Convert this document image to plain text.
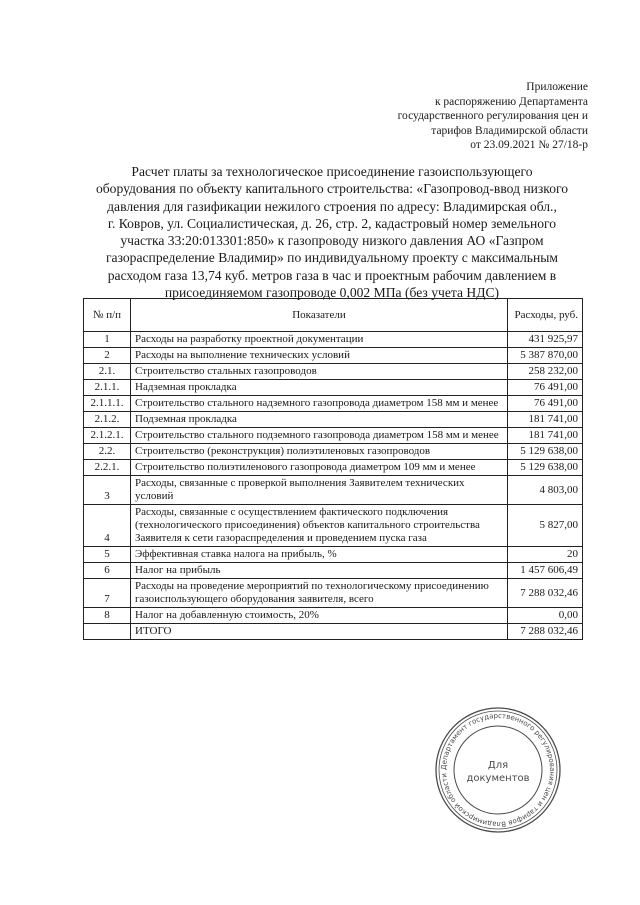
Приложение
к распоряжению Департамента
государственного регулирования цен и
тарифов Владимирской области
от 23.09.2021 № 27/18-р
Расчет платы за технологическое присоединение газоиспользующего
оборудования по объекту капитального строительства: «Газопровод-ввод низкого
давления для газификации нежилого строения по адресу: Владимирская обл.,
г. Ковров, ул. Социалистическая, д. 26, стр. 2, кадастровый номер земельного
участка 33:20:013301:850» к газопроводу низкого давления АО «Газпром
газораспределение Владимир» по индивидуальному проекту с максимальным
расходом газа 13,74 куб. метров газа в час и проектным рабочим давлением в
присоединяемом газопроводе 0,002 МПа (без учета НДС)
№ п/п	Показатели	Расходы, руб.
1	Расходы на разработку проектной документации	431 925,97
2	Расходы на выполнение технических условий	5 387 870,00
2.1.	Строительство стальных газопроводов	258 232,00
2.1.1.	Надземная прокладка	76 491,00
2.1.1.1.	Строительство стального надземного газопровода диаметром 158 мм и менее	76 491,00
2.1.2.	Подземная прокладка	181 741,00
2.1.2.1.	Строительство стального подземного газопровода диаметром 158 мм и менее	181 741,00
2.2.	Строительство (реконструкция) полиэтиленовых газопроводов	5 129 638,00
2.2.1.	Строительство полиэтиленового газопровода диаметром 109 мм и менее	5 129 638,00
3	Расходы, связанные с проверкой выполнения Заявителем технических условий	4 803,00
4	Расходы, связанные с осуществлением фактического подключения (технологического присоединения) объектов капитального строительства Заявителя к сети газораспределения и проведением пуска газа	5 827,00
5	Эффективная ставка налога на прибыль, %	20
6	Налог на прибыль	1 457 606,49
7	Расходы на проведение мероприятий по технологическому присоединению газоиспользующего оборудования заявителя, всего	7 288 032,46
8	Налог на добавленную стоимость, 20%	0,00
	ИТОГО	7 288 032,46
Департамент государственного регулирования цен и тарифов Владимирской области
Для
документов
